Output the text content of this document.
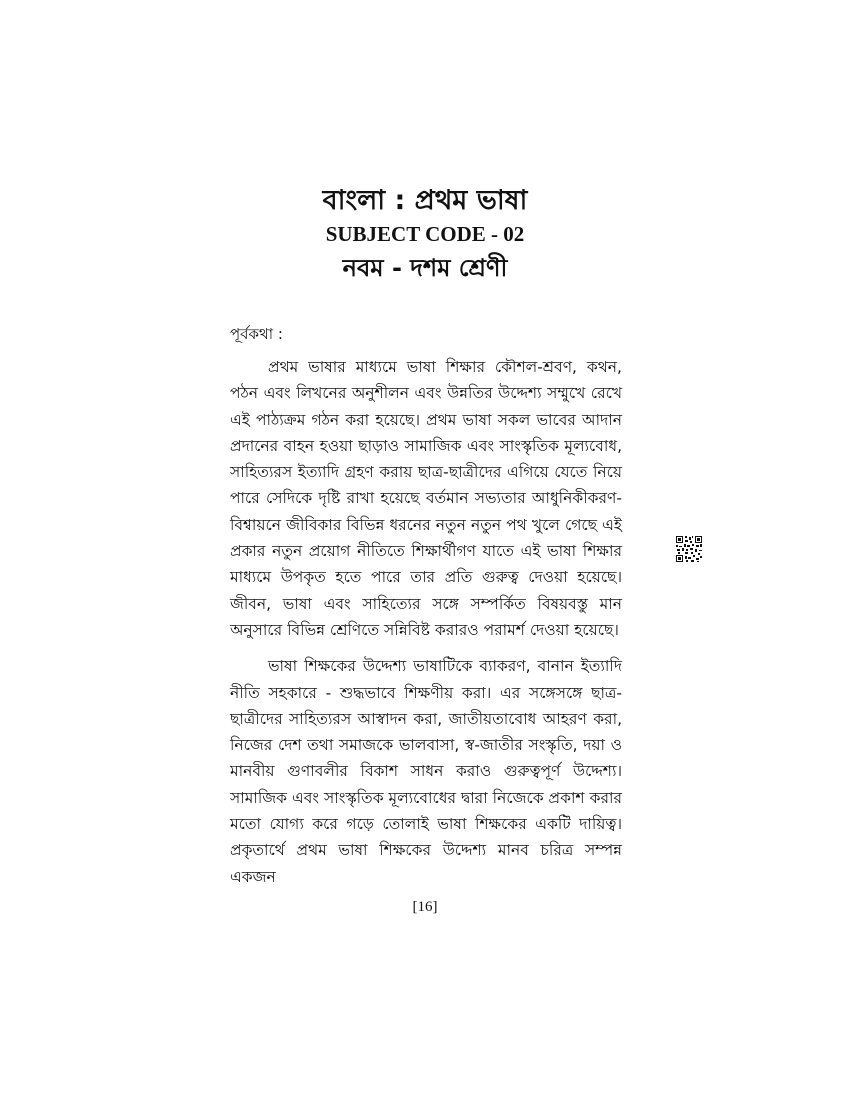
বাংলা : প্রথম ভাষা
SUBJECT CODE - 02
নবম - দশম শ্রেণী

পূর্বকথা :

প্রথম ভাষার মাধ্যমে ভাষা শিক্ষার কৌশল-শ্রবণ, কথন, পঠন এবং লিখনের অনুশীলন এবং উন্নতির উদ্দেশ্য সম্মুখে রেখে এই পাঠ্যক্রম গঠন করা হয়েছে। প্রথম ভাষা সকল ভাবের আদান প্রদানের বাহন হওয়া ছাড়াও সামাজিক এবং সাংস্কৃতিক মূল্যবোধ, সাহিত্যরস ইত্যাদি গ্রহণ করায় ছাত্র-ছাত্রীদের এগিয়ে যেতে নিয়ে পারে সেদিকে দৃষ্টি রাখা হয়েছে বর্তমান সভ্যতার আধুনিকীকরণ-বিশ্বায়নে জীবিকার বিভিন্ন ধরনের নতুন নতুন পথ খুলে গেছে এই প্রকার নতুন প্রয়োগ নীতিতে শিক্ষার্থীগণ যাতে এই ভাষা শিক্ষার মাধ্যমে উপকৃত হতে পারে তার প্রতি গুরুত্ব দেওয়া হয়েছে। জীবন, ভাষা এবং সাহিত্যের সঙ্গে সম্পর্কিত বিষয়বস্তু মান অনুসারে বিভিন্ন শ্রেণিতে সন্নিবিষ্ট করারও পরামর্শ দেওয়া হয়েছে।

ভাষা শিক্ষকের উদ্দেশ্য ভাষাটিকে ব্যাকরণ, বানান ইত্যাদি নীতি সহকারে - শুদ্ধভাবে শিক্ষণীয় করা। এর সঙ্গেসঙ্গে ছাত্র-ছাত্রীদের সাহিত্যরস আস্বাদন করা, জাতীয়তাবোধ আহরণ করা, নিজের দেশ তথা সমাজকে ভালবাসা, স্ব-জাতীর সংস্কৃতি, দয়া ও মানবীয় গুণাবলীর বিকাশ সাধন করাও গুরুত্বপূর্ণ উদ্দেশ্য। সামাজিক এবং সাংস্কৃতিক মূল্যবোধের দ্বারা নিজেকে প্রকাশ করার মতো যোগ্য করে গড়ে তোলাই ভাষা শিক্ষকের একটি দায়িত্ব। প্রকৃতার্থে প্রথম ভাষা শিক্ষকের উদ্দেশ্য মানব চরিত্র সম্পন্ন একজন

[16]
